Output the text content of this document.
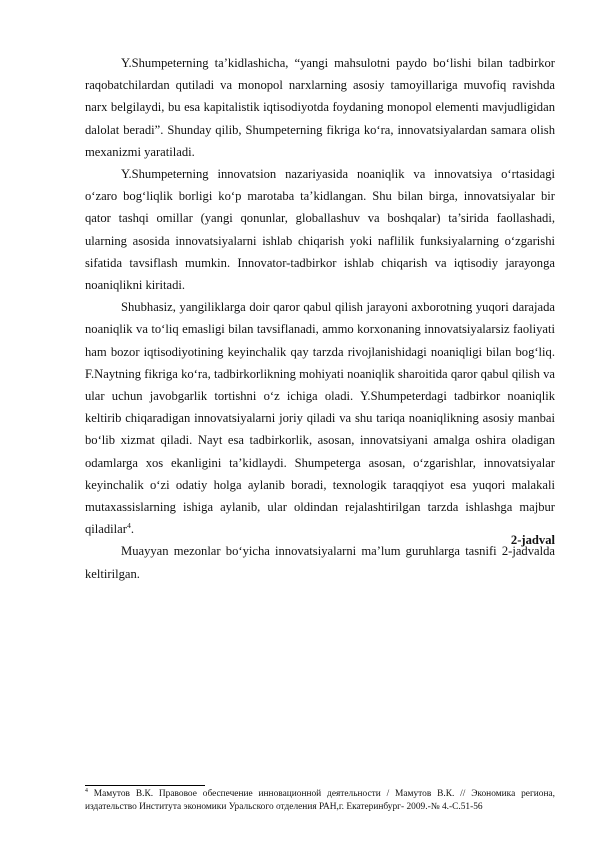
Y.Shumpeterning ta’kidlashicha, “yangi mahsulotni paydo bo‘lishi bilan tadbirkor raqobatchilardan qutiladi va monopol narxlarning asosiy tamoyillariga muvofiq ravishda narx belgilaydi, bu esa kapitalistik iqtisodiyotda foydaning monopol elementi mavjudligidan dalolat beradi”. Shunday qilib, Shumpeterning fikriga ko‘ra, innovatsiyalardan samara olish mexanizmi yaratiladi.

Y.Shumpeterning innovatsion nazariyasida noaniqlik va innovatsiya o‘rtasidagi o‘zaro bog‘liqlik borligi ko‘p marotaba ta’kidlangan. Shu bilan birga, innovatsiyalar bir qator tashqi omillar (yangi qonunlar, globallashuv va boshqalar) ta’sirida faollashadi, ularning asosida innovatsiyalarni ishlab chiqarish yoki naflilik funksiyalarning o‘zgarishi sifatida tavsiflash mumkin. Innovator-tadbirkor ishlab chiqarish va iqtisodiy jarayonga noaniqlikni kiritadi.

Shubhasiz, yangiliklarga doir qaror qabul qilish jarayoni axborotning yuqori darajada noaniqlik va to‘liq emasligi bilan tavsiflanadi, ammo korxonaning innovatsiyalarsiz faoliyati ham bozor iqtisodiyotining keyinchalik qay tarzda rivojlanishidagi noaniqligi bilan bog‘liq. F.Naytning fikriga ko‘ra, tadbirkorlikning mohiyati noaniqlik sharoitida qaror qabul qilish va ular uchun javobgarlik tortishni o‘z ichiga oladi. Y.Shumpeterdagi tadbirkor noaniqlik keltirib chiqaradigan innovatsiyalarni joriy qiladi va shu tariqa noaniqlikning asosiy manbai bo‘lib xizmat qiladi. Nayt esa tadbirkorlik, asosan, innovatsiyani amalga oshira oladigan odamlarga xos ekanligini ta’kidlaydi. Shumpeterga asosan, o‘zgarishlar, innovatsiyalar keyinchalik o‘zi odatiy holga aylanib boradi, texnologik taraqqiyot esa yuqori malakali mutaxassislarning ishiga aylanib, ular oldindan rejalashtirilgan tarzda ishlashga majbur qiladilar$^4$.

Muayyan mezonlar bo‘yicha innovatsiyalarni ma’lum guruhlarga tasnifi 2-jadvalda keltirilgan.

2-jadval
$^4$ Мамутов В.К. Правовое обеспечение инновационной деятельности / Мамутов В.К. // Экономика региона, издательство Института экономики Уральского отделения РАН,г. Екатеринбург- 2009.-№ 4.-С.51-56
